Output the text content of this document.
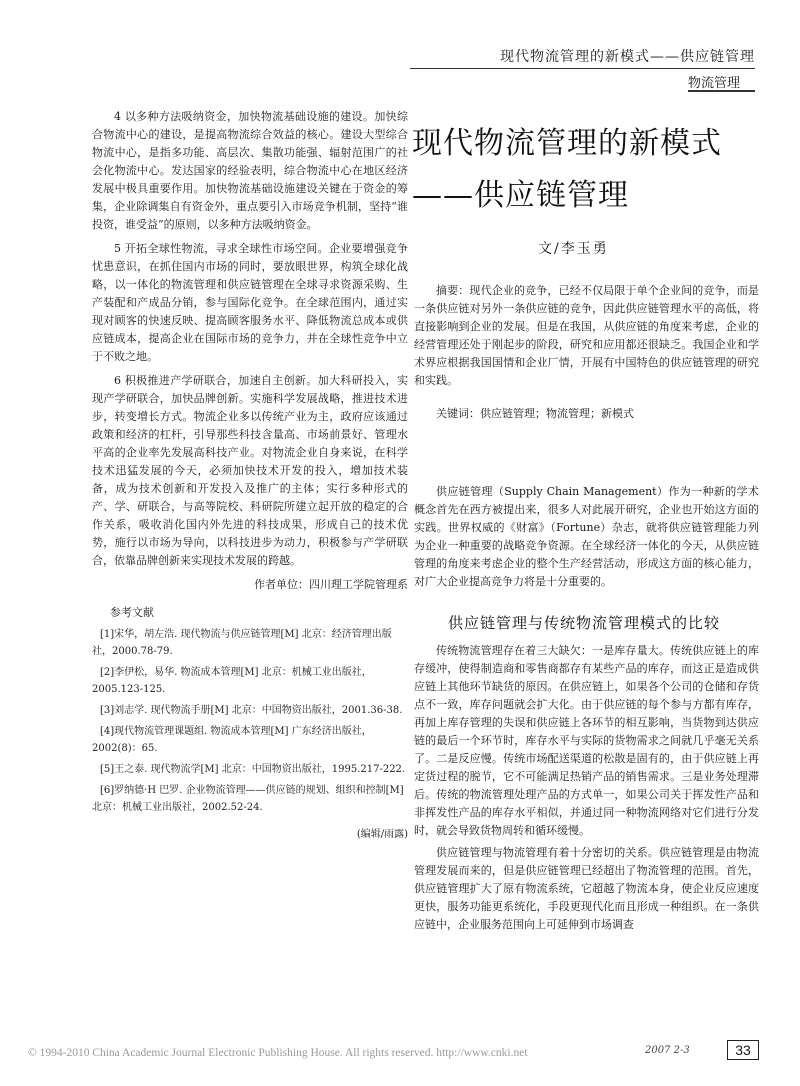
现代物流管理的新模式——供应链管理
物流管理

4 以多种方法吸纳资金，加快物流基础设施的建设。加快综合物流中心的建设，是提高物流综合效益的核心。建设大型综合物流中心，是指多功能、高层次、集散功能强、辐射范围广的社会化物流中心。发达国家的经验表明，综合物流中心在地区经济发展中极具重要作用。加快物流基础设施建设关键在于资金的筹集，企业除调集自有资金外，重点要引入市场竞争机制，坚持“谁投资，谁受益”的原则，以多种方法吸纳资金。

5 开拓全球性物流，寻求全球性市场空间。企业要增强竞争忧患意识，在抓住国内市场的同时，要放眼世界，构筑全球化战略，以一体化的物流管理和供应链管理在全球寻求资源采购、生产装配和产成品分销，参与国际化竞争。在全球范围内，通过实现对顾客的快速反映、提高顾客服务水平、降低物流总成本或供应链成本，提高企业在国际市场的竞争力，并在全球性竞争中立于不败之地。

6 积极推进产学研联合，加速自主创新。加大科研投入，实现产学研联合，加快品牌创新。实施科学发展战略，推进技术进步，转变增长方式。物流企业多以传统产业为主，政府应该通过政策和经济的杠杆，引导那些科技含量高、市场前景好、管理水平高的企业率先发展高科技产业。对物流企业自身来说，在科学技术迅猛发展的今天，必须加快技术开发的投入，增加技术装备，成为技术创新和开发投入及推广的主体；实行多种形式的产、学、研联合，与高等院校、科研院所建立起开放的稳定的合作关系，吸收消化国内外先进的科技成果，形成自己的技术优势，施行以市场为导向，以科技进步为动力，积极参与产学研联合，依靠品牌创新来实现技术发展的跨越。

作者单位：四川理工学院管理系
参考文献
[1]宋华，胡左浩. 现代物流与供应链管理[M] 北京：经济管理出版社，2000.78-79.
[2]李伊松，易华. 物流成本管理[M] 北京：机械工业出版社，2005.123-125.
[3]刘志学. 现代物流手册[M] 北京：中国物资出版社，2001.36-38.
[4]现代物流管理课题组. 物流成本管理[M] 广东经济出版社，2002(8)：65.
[5]王之泰. 现代物流学[M] 北京：中国物资出版社，1995.217-222.
[6]罗纳德·H 巴罗. 企业物流管理——供应链的规划、组织和控制[M] 北京：机械工业出版社，2002.52-24.
(编辑/雨露)
现代物流管理的新模式
——供应链管理
文/李玉勇

摘要：现代企业的竞争，已经不仅局限于单个企业间的竞争，而是一条供应链对另外一条供应链的竞争，因此供应链管理水平的高低，将直接影响到企业的发展。但是在我国，从供应链的角度来考虑，企业的经营管理还处于刚起步的阶段，研究和应用都还很缺乏。我国企业和学术界应根据我国国情和企业厂情，开展有中国特色的供应链管理的研究和实践。

关键词：供应链管理；物流管理；新模式

供应链管理（Supply Chain Management）作为一种新的学术概念首先在西方被提出来，很多人对此展开研究，企业也开始这方面的实践。世界权威的《财富》（Fortune）杂志，就将供应链管理能力列为企业一种重要的战略竞争资源。在全球经济一体化的今天，从供应链管理的角度来考虑企业的整个生产经营活动，形成这方面的核心能力，对广大企业提高竞争力将是十分重要的。

供应链管理与传统物流管理模式的比较

传统物流管理存在着三大缺欠：一是库存量大。传统供应链上的库存缓冲，使得制造商和零售商都存有某些产品的库存，而这正是造成供应链上其他环节缺货的原因。在供应链上，如果各个公司的仓储和存货点不一致，库存问题就会扩大化。由于供应链的每个参与方都有库存，再加上库存管理的失误和供应链上各环节的相互影响，当货物到达供应链的最后一个环节时，库存水平与实际的货物需求之间就几乎毫无关系了。二是反应慢。传统市场配送渠道的松散是固有的，由于供应链上再定货过程的脱节，它不可能满足热销产品的销售需求。三是业务处理滞后。传统的物流管理处理产品的方式单一，如果公司关于挥发性产品和非挥发性产品的库存水平相似，并通过同一种物流网络对它们进行分发时，就会导致货物周转和循环缓慢。

供应链管理与物流管理有着十分密切的关系。供应链管理是由物流管理发展而来的，但是供应链管理已经超出了物流管理的范围。首先，供应链管理扩大了原有物流系统，它超越了物流本身，使企业反应速度更快，服务功能更系统化，手段更现代化而且形成一种组织。在一条供应链中，企业服务范围向上可延伸到市场调查

© 1994-2010 China Academic Journal Electronic Publishing House. All rights reserved. http://www.cnki.net	2007 2-3	33
